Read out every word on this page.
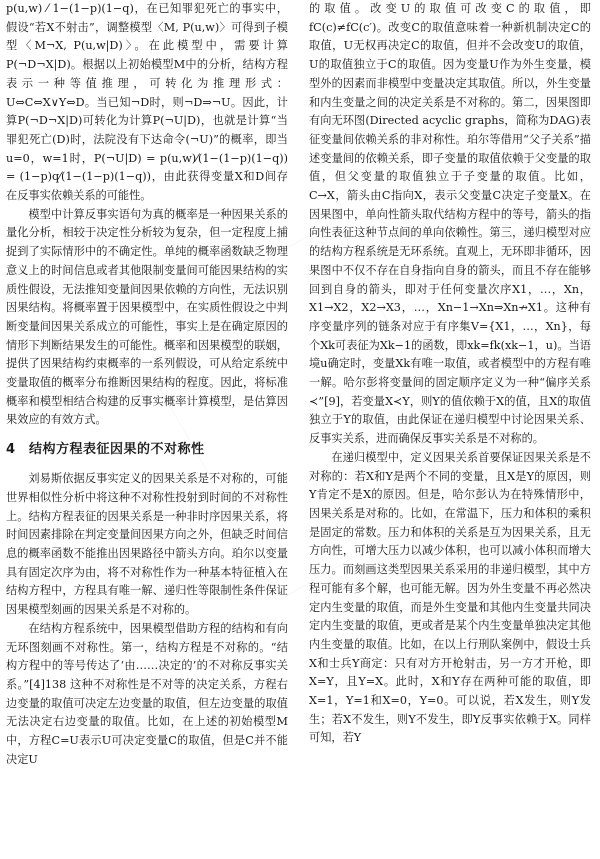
p(u,w) ⁄ 1−(1−p)(1−q)，在已知罪犯死亡的事实中，假设“若X不射击”，调整模型〈M, P(u,w)〉可得到子模型〈M¬X, P(u,w|D)〉。在此模型中，需要计算P(¬D¬X|D)。根据以上初始模型M中的分析，结构方程表示一种等值推理，可转化为推理形式：U⇔C⇔X∨Y⇔D。当已知¬D时，则¬D⇒¬U。因此，计算P(¬D¬X|D)可转化为计算P(¬U|D)，也就是计算“当罪犯死亡(D)时，法院没有下达命令(¬U)”的概率，即当u=0，w=1时，P(¬U|D) = p(u,w)⁄(1−(1−p)(1−q)) = (1−p)q⁄(1−(1−p)(1−q))，由此获得变量X和D间存在反事实依赖关系的可能性。

模型中计算反事实语句为真的概率是一种因果关系的量化分析，相较于决定性分析较为复杂，但一定程度上捕捉到了实际情形中的不确定性。单纯的概率函数缺乏物理意义上的时间信息或者其他限制变量间可能因果结构的实质性假设，无法推知变量间因果依赖的方向性，无法识别因果结构。将概率置于因果模型中，在实质性假设之中判断变量间因果关系成立的可能性，事实上是在确定原因的情形下判断结果发生的可能性。概率和因果模型的联姻，提供了因果结构约束概率的一系列假设，可从给定系统中变量取值的概率分布推断因果结构的程度。因此，将标准概率和模型相结合构建的反事实概率计算模型，是估算因果效应的有效方式。

4 结构方程表征因果的不对称性

刘易斯依据反事实定义的因果关系是不对称的，可能世界相似性分析中将这种不对称性投射到时间的不对称性上。结构方程表征的因果关系是一种非时序因果关系，将时间因素排除在判定变量间因果方向之外，但缺乏时间信息的概率函数不能推出因果路径中箭头方向。珀尔以变量具有固定次序为由，将不对称性作为一种基本特征植入在结构方程中，方程具有唯一解、递归性等限制性条件保证因果模型刻画的因果关系是不对称的。

在结构方程系统中，因果模型借助方程的结构和有向无环图刻画不对称性。第一，结构方程是不对称的。“结构方程中的等号传达了‘由……决定的’的不对称反事实关系。”[4]138 这种不对称性是不对等的决定关系，方程右边变量的取值可决定左边变量的取值，但左边变量的取值无法决定右边变量的取值。比如，在上述的初始模型M中，方程C=U表示U可决定变量C的取值，但是C并不能决定U

的取值。改变U的取值可改变C的取值，即fC(c)≠fC(c′)。改变C的取值意味着一种新机制决定C的取值，U无权再决定C的取值，但并不会改变U的取值，U的取值独立于C的取值。因为变量U作为外生变量，模型外的因素而非模型中变量决定其取值。所以，外生变量和内生变量之间的决定关系是不对称的。第二，因果图即有向无环图(Directed acyclic graphs，简称为DAG)表征变量间依赖关系的非对称性。珀尔等借用“父子关系”描述变量间的依赖关系，即子变量的取值依赖于父变量的取值，但父变量的取值独立于子变量的取值。比如，C→X，箭头由C指向X，表示父变量C决定子变量X。在因果图中，单向性箭头取代结构方程中的等号，箭头的指向性表征这种节点间的单向依赖性。第三，递归模型对应的结构方程系统是无环系统。直观上，无环即非循环，因果图中不仅不存在自身指向自身的箭头，而且不存在能够回到自身的箭头，即对于任何变量次序X1，…，Xn，X1→X2，X2→X3，…，Xn−1→Xn⇒Xn↛X1。这种有序变量序列的链条对应于有序集V={X1，…，Xn}，每个Xk可表征为Xk−1的函数，即xk=fk(xk−1，u)。当语境u确定时，变量Xk有唯一取值，或者模型中的方程有唯一解。哈尔彭将变量间的固定顺序定义为一种“偏序关系≺”[9]，若变量X≺Y，则Y的值依赖于X的值，且X的取值独立于Y的取值，由此保证在递归模型中讨论因果关系、反事实关系，进而确保反事实关系是不对称的。

在递归模型中，定义因果关系首要保证因果关系是不对称的：若X和Y是两个不同的变量，且X是Y的原因，则Y肯定不是X的原因。但是，哈尔彭认为在特殊情形中，因果关系是对称的。比如，在常温下，压力和体积的乘积是固定的常数。压力和体积的关系是互为因果关系，且无方向性，可增大压力以减少体积，也可以减小体积而增大压力。而刻画这类型因果关系采用的非递归模型，其中方程可能有多个解，也可能无解。因为外生变量不再必然决定内生变量的取值，而是外生变量和其他内生变量共同决定内生变量的取值，更或者是某个内生变量单独决定其他内生变量的取值。比如，在以上行刑队案例中，假设士兵X和士兵Y商定：只有对方开枪射击，另一方才开枪，即X=Y，且Y=X。此时，X和Y存在两种可能的取值，即X=1，Y=1和X=0，Y=0。可以说，若X发生，则Y发生；若X不发生，则Y不发生，即Y反事实依赖于X。同样可知，若Y
